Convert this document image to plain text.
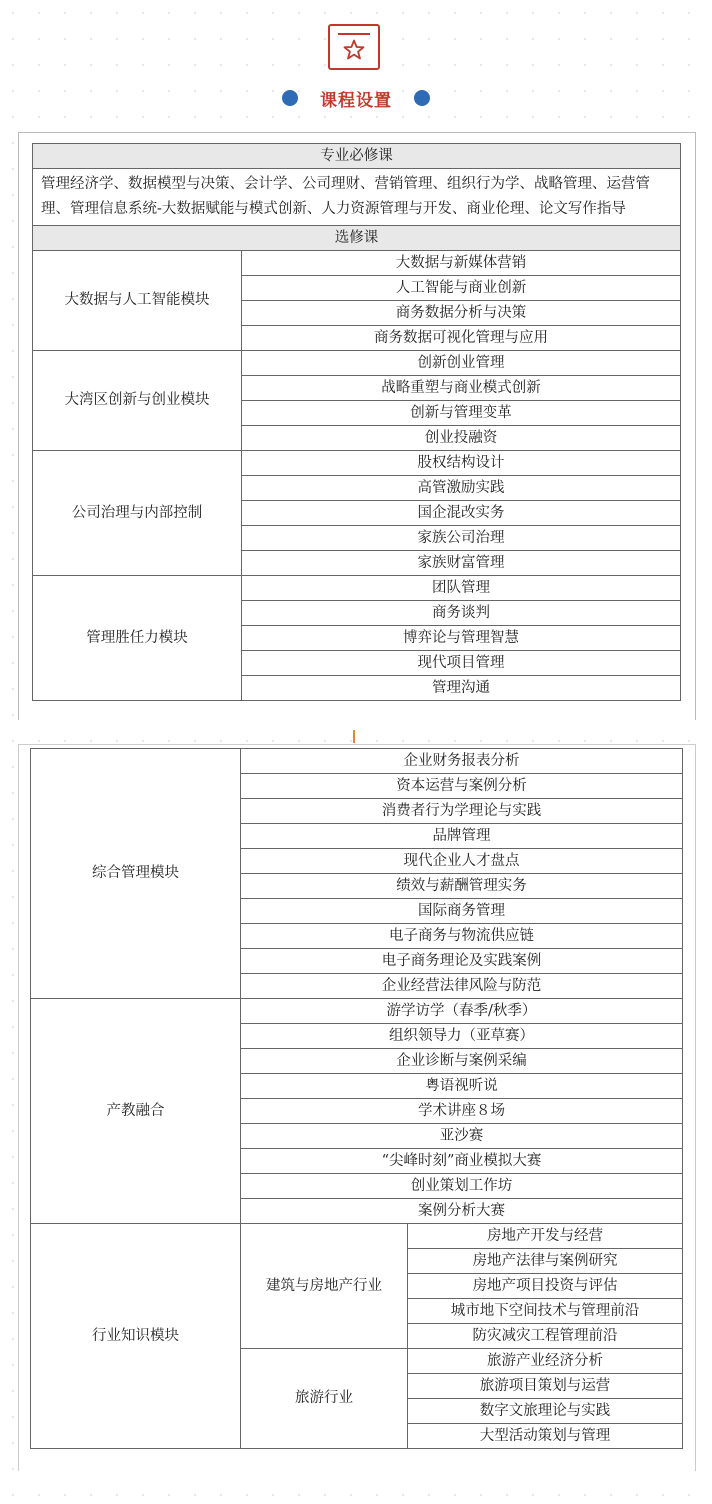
课程设置
专业必修课	
管理经济学、数据模型与决策、会计学、公司理财、营销管理、组织行为学、战略管理、运营管理、管理信息系统-大数据赋能与模式创新、人力资源管理与开发、商业伦理、论文写作指导	
选修课	
大数据与人工智能模块	大数据与新媒体营销
	人工智能与商业创新
	商务数据分析与决策
	商务数据可视化管理与应用
大湾区创新与创业模块	创新创业管理
	战略重塑与商业模式创新
	创新与管理变革
	创业投融资
公司治理与内部控制	股权结构设计
	高管激励实践
	国企混改实务
	家族公司治理
	家族财富管理
管理胜任力模块	团队管理
	商务谈判
	博弈论与管理智慧
	现代项目管理
	管理沟通
综合管理模块	企业财务报表分析	
	资本运营与案例分析	
	消费者行为学理论与实践	
	品牌管理	
	现代企业人才盘点	
	绩效与薪酬管理实务	
	国际商务管理	
	电子商务与物流供应链	
	电子商务理论及实践案例	
	企业经营法律风险与防范	
产教融合	游学访学（春季/秋季）	
	组织领导力（亚草赛）	
	企业诊断与案例采编	
	粤语视听说	
	学术讲座８场	
	亚沙赛	
	“尖峰时刻”商业模拟大赛	
	创业策划工作坊	
	案例分析大赛	
行业知识模块	建筑与房地产行业	房地产开发与经营
		房地产法律与案例研究
		房地产项目投资与评估
		城市地下空间技术与管理前沿
		防灾减灾工程管理前沿
	旅游行业	旅游产业经济分析
		旅游项目策划与运营
		数字文旅理论与实践
		大型活动策划与管理
